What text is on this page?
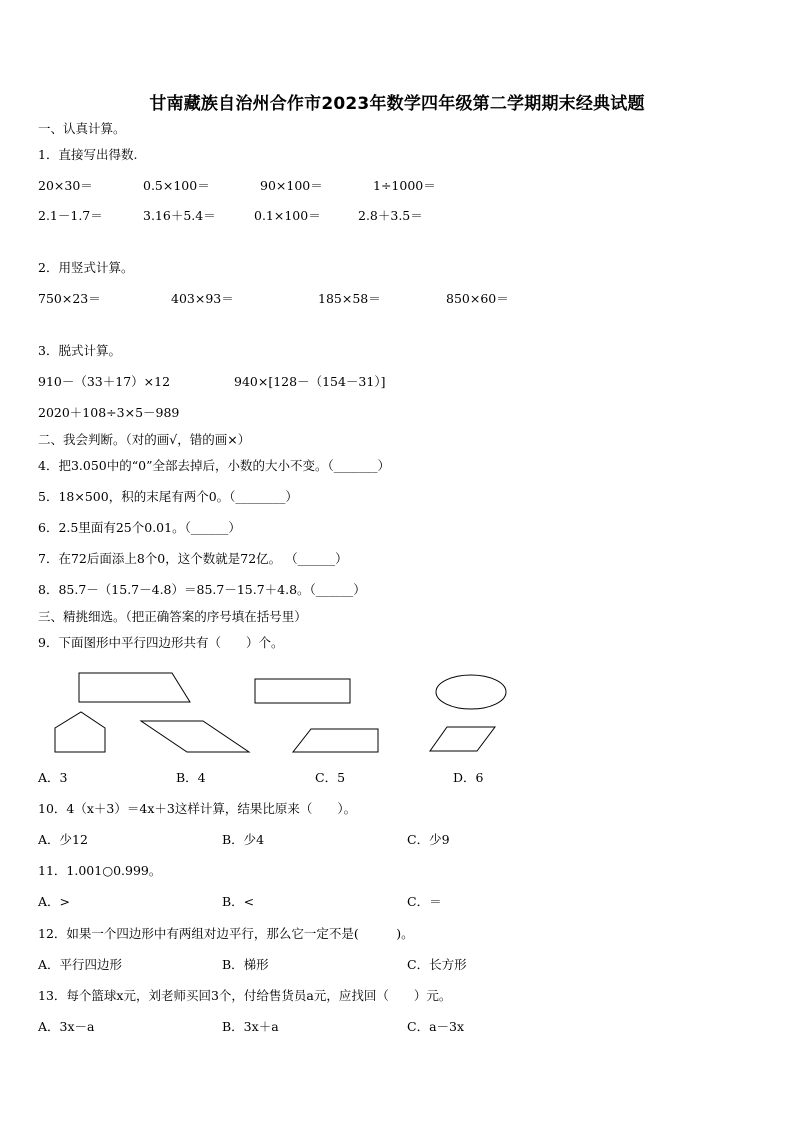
甘南藏族自治州合作市2023年数学四年级第二学期期末经典试题
一、认真计算。
1．直接写出得数.
20×30＝	0.5×100＝	90×100＝	1÷1000＝
2.1－1.7＝	3.16＋5.4＝	0.1×100＝	2.8＋3.5＝
2．用竖式计算。
750×23＝	403×93＝	185×58＝	850×60＝
3．脱式计算。
910－（33＋17）×12	940×[128－（154－31）]
2020＋108÷3×5－989
二、我会判断。（对的画√，错的画×）
4．把3.050中的“0”全部去掉后，小数的大小不变。（_______）
5．18×500，积的末尾有两个0。（________）
6．2.5里面有25个0.01。（______）
7．在72后面添上8个0，这个数就是72亿。 （______）
8．85.7－（15.7－4.8）＝85.7－15.7＋4.8。（______）
三、精挑细选。（把正确答案的序号填在括号里）
9．下面图形中平行四边形共有（　　）个。
A．3	B．4	C．5	D．6
10．4（x＋3）＝4x＋3这样计算，结果比原来（　　）。
A．少12	B．少4	C．少9
11．1.001○0.999。
A．>	B．<	C．＝
12．如果一个四边形中有两组对边平行，那么它一定不是(　　　)。
A．平行四边形	B．梯形	C．长方形
13．每个篮球x元，刘老师买回3个，付给售货员a元，应找回（　　）元。
A．3x－a	B．3x＋a	C．a－3x
